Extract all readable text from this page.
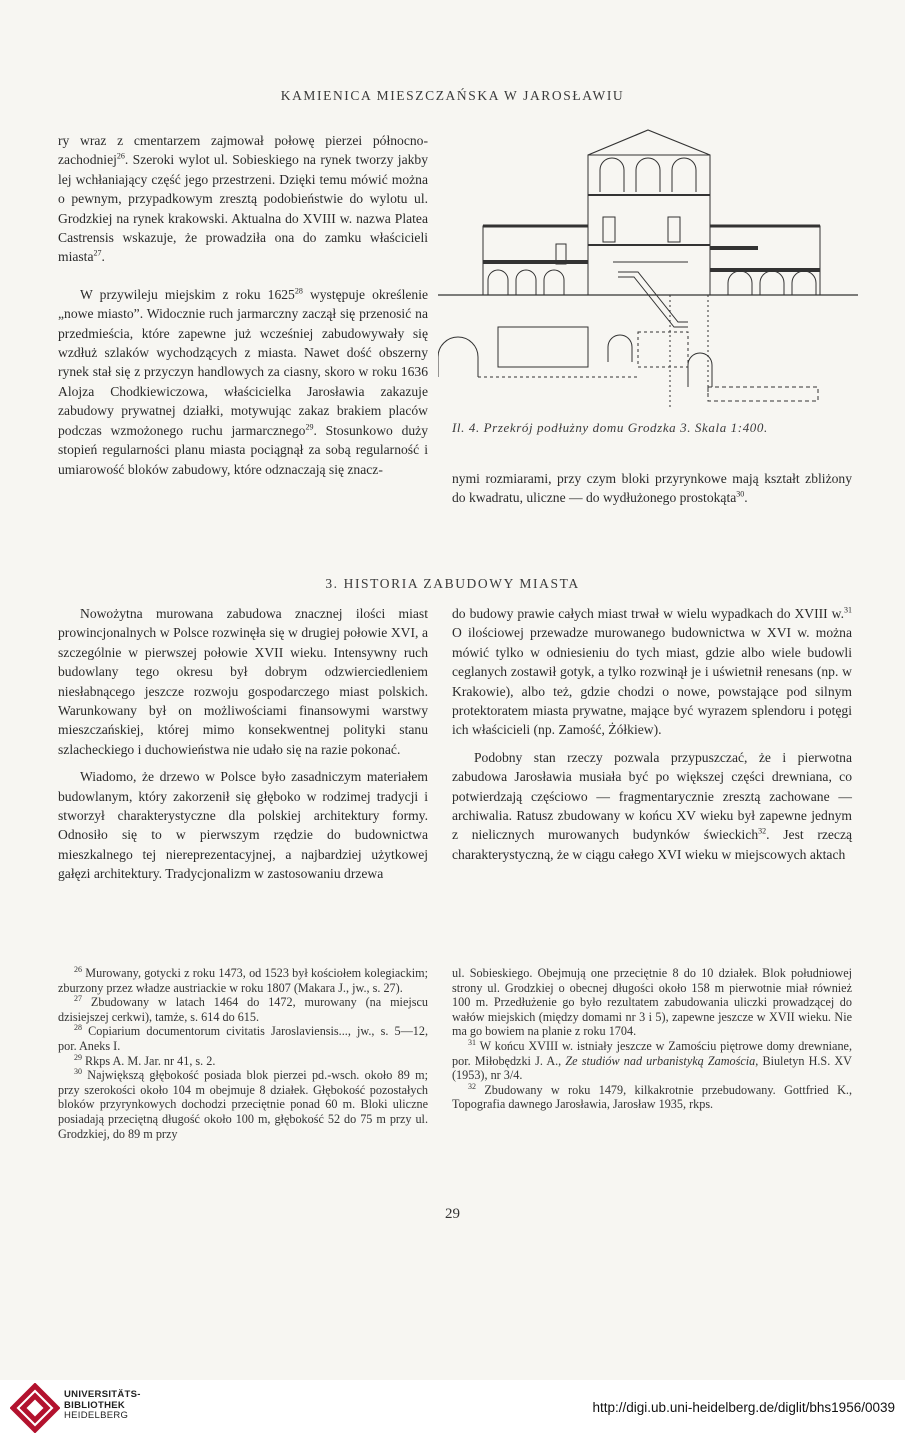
KAMIENICA MIESZCZAŃSKA W JAROSŁAWIU

ry wraz z cmentarzem zajmował połowę pierzei północno-zachodniej$^{26}$. Szeroki wylot ul. Sobieskiego na rynek tworzy jakby lej wchłaniający część jego przestrzeni. Dzięki temu mówić można o pewnym, przypadkowym zresztą podobieństwie do wylotu ul. Grodzkiej na rynek krakowski. Aktualna do XVIII w. nazwa Platea Castrensis wskazuje, że prowadziła ona do zamku właścicieli miasta$^{27}$.

W przywileju miejskim z roku 1625$^{28}$ występuje określenie „nowe miasto”. Widocznie ruch jarmarczny zaczął się przenosić na przedmieścia, które zapewne już wcześniej zabudowywały się wzdłuż szlaków wychodzących z miasta. Nawet dość obszerny rynek stał się z przyczyn handlowych za ciasny, skoro w roku 1636 Alojza Chodkiewiczowa, właścicielka Jarosławia zakazuje zabudowy prywatnej działki, motywując zakaz brakiem placów podczas wzmożonego ruchu jarmarcznego$^{29}$. Stosunkowo duży stopień regularności planu miasta pociągnął za sobą regularność i umiarowość bloków zabudowy, które odznaczają się znacz-

Il. 4. Przekrój podłużny domu Grodzka 3. Skala 1:400.

nymi rozmiarami, przy czym bloki przyrynkowe mają kształt zbliżony do kwadratu, uliczne — do wydłużonego prostokąta$^{30}$.

3. HISTORIA ZABUDOWY MIASTA

Nowożytna murowana zabudowa znacznej ilości miast prowincjonalnych w Polsce rozwinęła się w drugiej połowie XVI, a szczególnie w pierwszej połowie XVII wieku. Intensywny ruch budowlany tego okresu był dobrym odzwierciedleniem niesłabnącego jeszcze rozwoju gospodarczego miast polskich. Warunkowany był on możliwościami finansowymi warstwy mieszczańskiej, której mimo konsekwentnej polityki stanu szlacheckiego i duchowieństwa nie udało się na razie pokonać.

Wiadomo, że drzewo w Polsce było zasadniczym materiałem budowlanym, który zakorzenił się głęboko w rodzimej tradycji i stworzył charakterystyczne dla polskiej architektury formy. Odnosiło się to w pierwszym rzędzie do budownictwa mieszkalnego tej niereprezentacyjnej, a najbardziej użytkowej gałęzi architektury. Tradycjonalizm w zastosowaniu drzewa

do budowy prawie całych miast trwał w wielu wypadkach do XVIII w.$^{31}$ O ilościowej przewadze murowanego budownictwa w XVI w. można mówić tylko w odniesieniu do tych miast, gdzie albo wiele budowli ceglanych zostawił gotyk, a tylko rozwinął je i uświetnił renesans (np. w Krakowie), albo też, gdzie chodzi o nowe, powstające pod silnym protektoratem miasta prywatne, mające być wyrazem splendoru i potęgi ich właścicieli (np. Zamość, Żółkiew).

Podobny stan rzeczy pozwala przypuszczać, że i pierwotna zabudowa Jarosławia musiała być po większej części drewniana, co potwierdzają częściowo — fragmentarycznie zresztą zachowane — archiwalia. Ratusz zbudowany w końcu XV wieku był zapewne jednym z nielicznych murowanych budynków świeckich$^{32}$. Jest rzeczą charakterystyczną, że w ciągu całego XVI wieku w miejscowych aktach

$^{26}$ Murowany, gotycki z roku 1473, od 1523 był kościołem kolegiackim; zburzony przez władze austriackie w roku 1807 (Makara J., jw., s. 27).

$^{27}$ Zbudowany w latach 1464 do 1472, murowany (na miejscu dzisiejszej cerkwi), tamże, s. 614 do 615.

$^{28}$ Copiarium documentorum civitatis Jaroslaviensis..., jw., s. 5—12, por. Aneks I.

$^{29}$ Rkps A. M. Jar. nr 41, s. 2.

$^{30}$ Największą głębokość posiada blok pierzei pd.-wsch. około 89 m; przy szerokości około 104 m obejmuje 8 działek. Głębokość pozostałych bloków przyrynkowych dochodzi przeciętnie ponad 60 m. Bloki uliczne posiadają przeciętną długość około 100 m, głębokość 52 do 75 m przy ul. Grodzkiej, do 89 m przy

ul. Sobieskiego. Obejmują one przeciętnie 8 do 10 działek. Blok południowej strony ul. Grodzkiej o obecnej długości około 158 m pierwotnie miał również 100 m. Przedłużenie go było rezultatem zabudowania uliczki prowadzącej do wałów miejskich (między domami nr 3 i 5), zapewne jeszcze w XVII wieku. Nie ma go bowiem na planie z roku 1704.

$^{31}$ W końcu XVIII w. istniały jeszcze w Zamościu piętrowe domy drewniane, por. Miłobędzki J. A., Ze studiów nad urbanistyką Zamościa, Biuletyn H.S. XV (1953), nr 3/4.

$^{32}$ Zbudowany w roku 1479, kilkakrotnie przebudowany. Gottfried K., Topografia dawnego Jarosławia, Jarosław 1935, rkps.

29
UNIVERSITÄTS-
BIBLIOTHEK
HEIDELBERG
http://digi.ub.uni-heidelberg.de/diglit/bhs1956/0039
